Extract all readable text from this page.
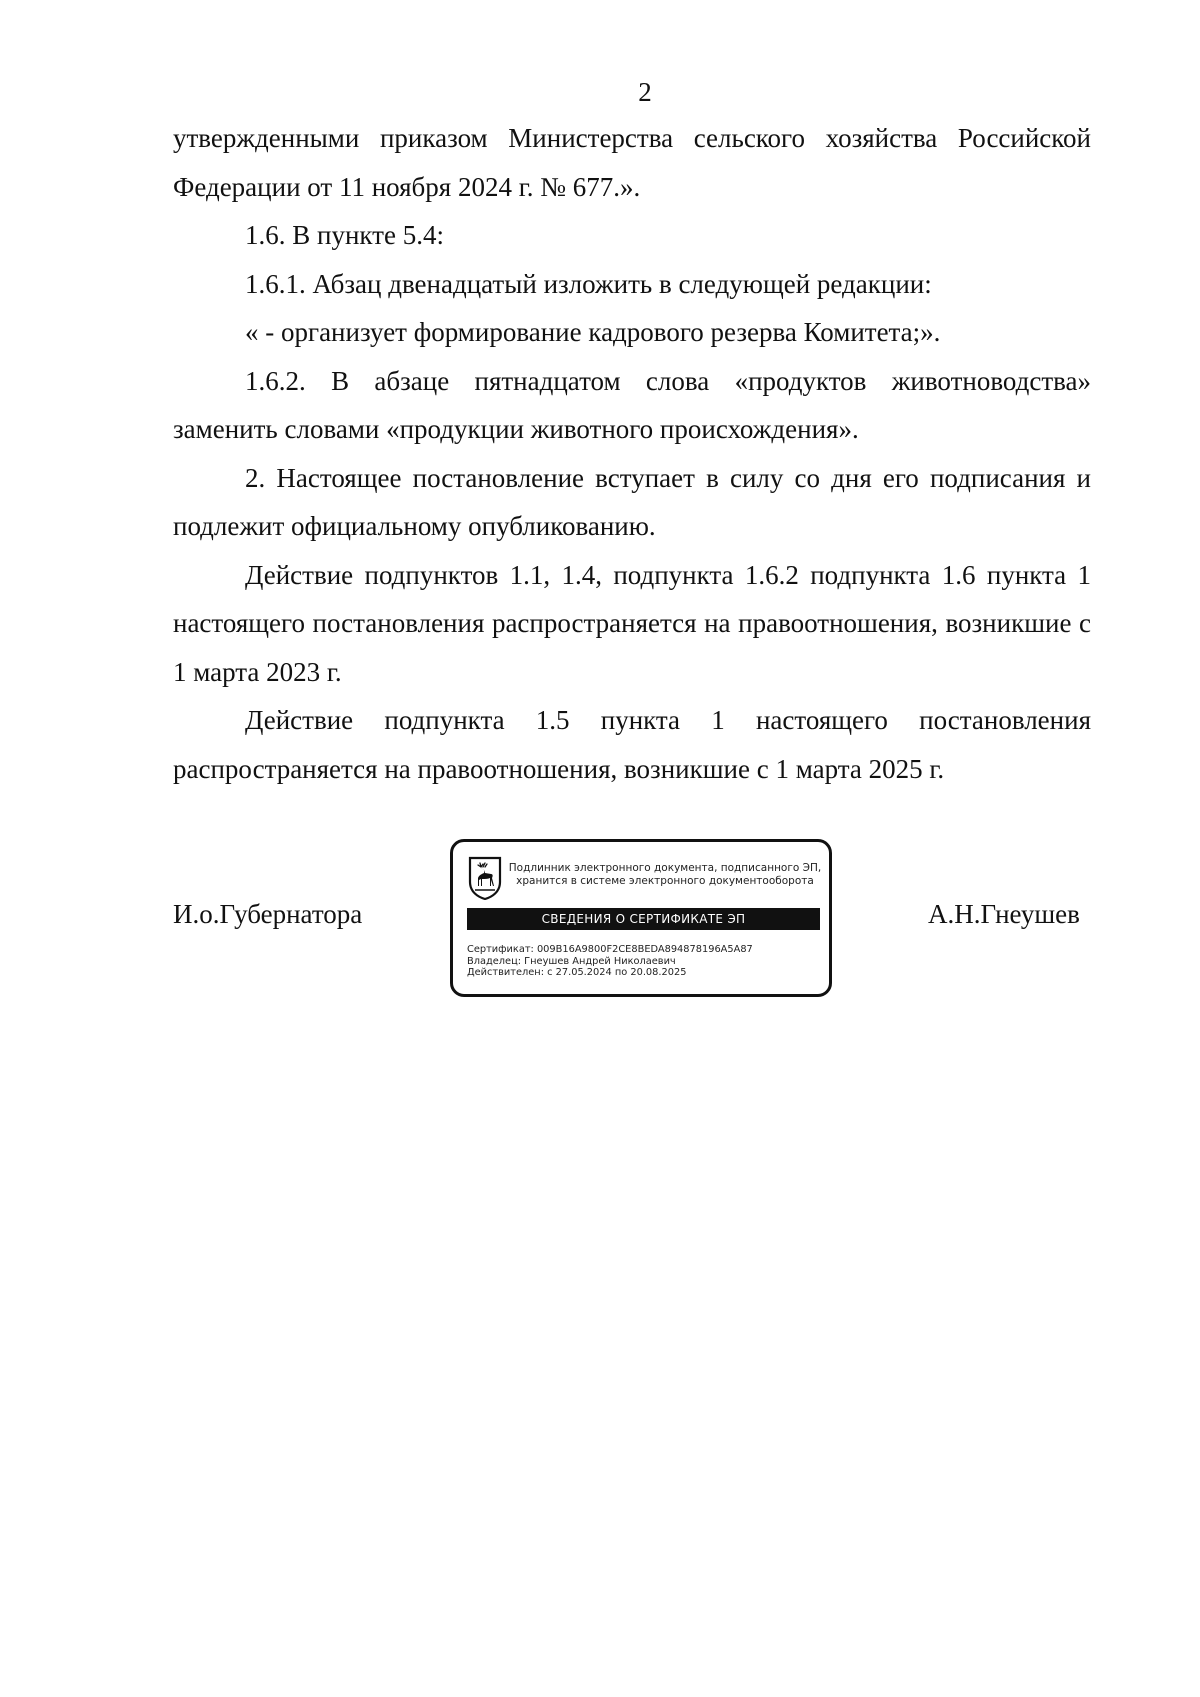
2

утвержденными приказом Министерства сельского хозяйства Российской Федерации от 11 ноября 2024 г. № 677.».

1.6. В пункте 5.4:

1.6.1. Абзац двенадцатый изложить в следующей редакции:

« - организует формирование кадрового резерва Комитета;».

1.6.2. В абзаце пятнадцатом слова «продуктов животноводства» заменить словами «продукции животного происхождения».

2. Настоящее постановление вступает в силу со дня его подписания и подлежит официальному опубликованию.

Действие подпунктов 1.1, 1.4, подпункта 1.6.2 подпункта 1.6 пункта 1 настоящего постановления распространяется на правоотношения, возникшие с 1 марта 2023 г.

Действие подпункта 1.5 пункта 1 настоящего постановления распространяется на правоотношения, возникшие с 1 марта 2025 г.

И.о.Губернатора
Подлинник электронного документа, подписанного ЭП,
хранится в системе электронного документооборота
СВЕДЕНИЯ О СЕРТИФИКАТЕ ЭП
Сертификат: 009B16A9800F2CE8BEDA894878196A5A87
Владелец: Гнеушев Андрей Николаевич
Действителен: с 27.05.2024 по 20.08.2025
А.Н.Гнеушев
